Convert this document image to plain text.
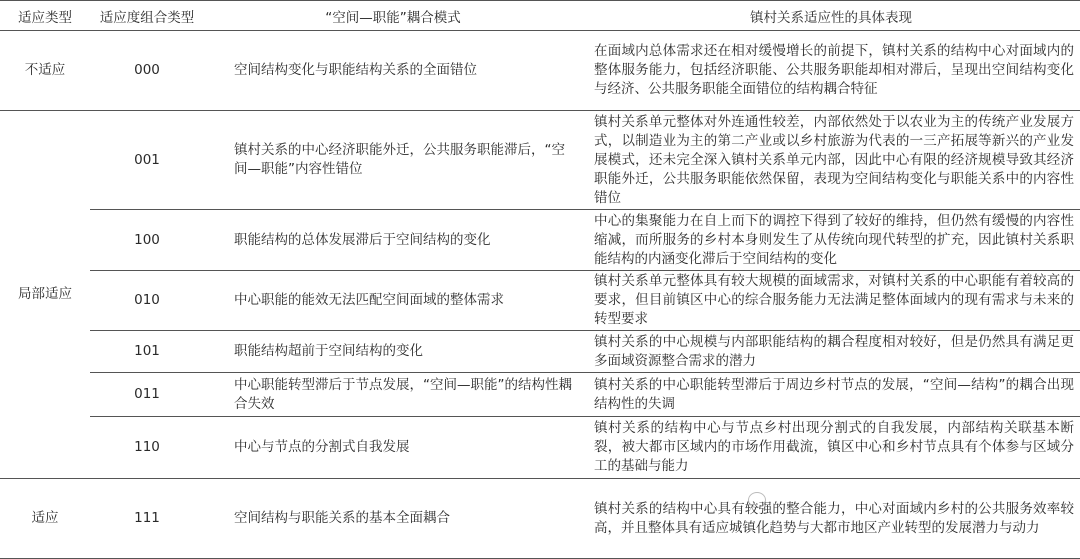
适应类型	适应度组合类型	“空间—职能”耦合模式	镇村关系适应性的具体表现
不适应	000	空间结构变化与职能结构关系的全面错位	在面域内总体需求还在相对缓慢增长的前提下，镇村关系的结构中心对面域内的整体服务能力，包括经济职能、公共服务职能却相对滞后，呈现出空间结构变化与经济、公共服务职能全面错位的结构耦合特征
局部适应	001	镇村关系的中心经济职能外迁，公共服务职能滞后，“空间—职能”内容性错位	镇村关系单元整体对外连通性较差，内部依然处于以农业为主的传统产业发展方式，以制造业为主的第二产业或以乡村旅游为代表的一三产拓展等新兴的产业发展模式，还未完全深入镇村关系单元内部，因此中心有限的经济规模导致其经济职能外迁，公共服务职能依然保留，表现为空间结构变化与职能关系中的内容性错位
	100	职能结构的总体发展滞后于空间结构的变化	中心的集聚能力在自上而下的调控下得到了较好的维持，但仍然有缓慢的内容性缩减，而所服务的乡村本身则发生了从传统向现代转型的扩充，因此镇村关系职能结构的内涵变化滞后于空间结构的变化
	010	中心职能的能效无法匹配空间面域的整体需求	镇村关系单元整体具有较大规模的面域需求，对镇村关系的中心职能有着较高的要求，但目前镇区中心的综合服务能力无法满足整体面域内的现有需求与未来的转型要求
	101	职能结构超前于空间结构的变化	镇村关系的中心规模与内部职能结构的耦合程度相对较好，但是仍然具有满足更多面域资源整合需求的潜力
	011	中心职能转型滞后于节点发展，“空间—职能”的结构性耦合失效	镇村关系的中心职能转型滞后于周边乡村节点的发展，“空间—结构”的耦合出现结构性的失调
	110	中心与节点的分割式自我发展	镇村关系的结构中心与节点乡村出现分割式的自我发展，内部结构关联基本断裂，被大都市区域内的市场作用截流，镇区中心和乡村节点具有个体参与区域分工的基础与能力
适应	111	空间结构与职能关系的基本全面耦合	镇村关系的结构中心具有较强的整合能力，中心对面域内乡村的公共服务效率较高，并且整体具有适应城镇化趋势与大都市地区产业转型的发展潜力与动力
